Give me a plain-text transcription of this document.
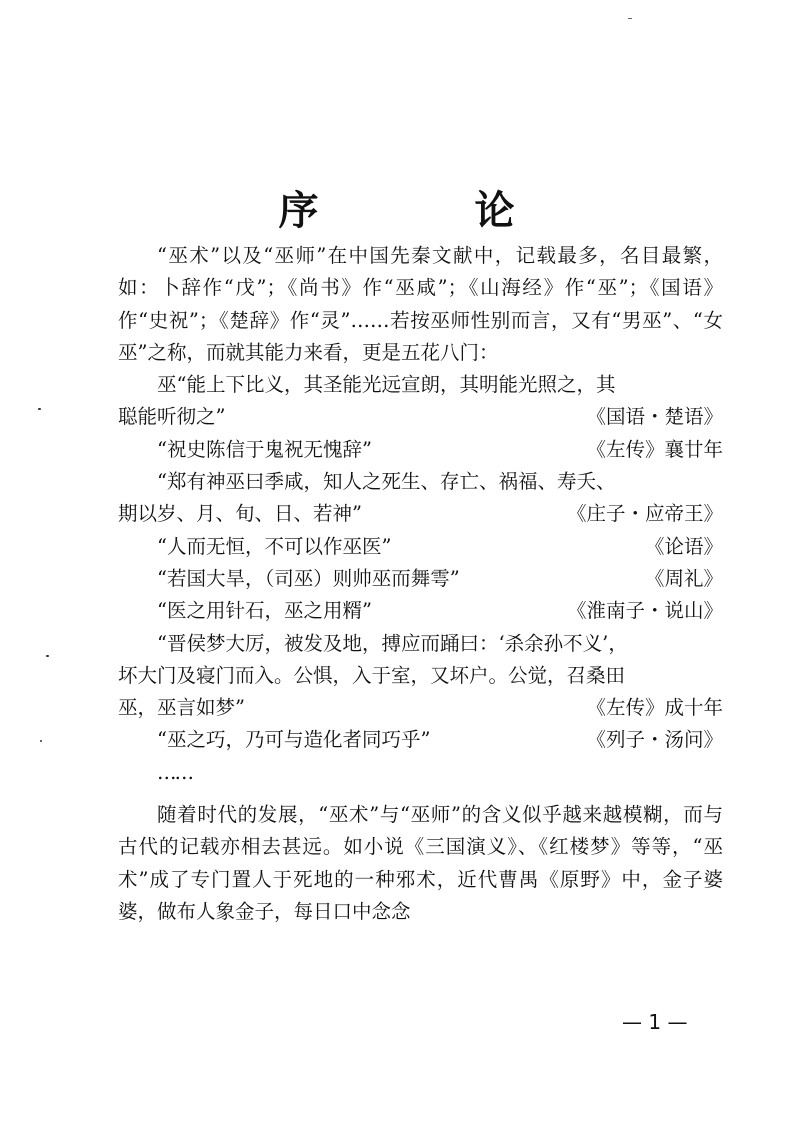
序　论

“巫术”以及“巫师”在中国先秦文献中，记载最多，名目最繁，如：卜辞作“戊”；《尚书》作“巫咸”；《山海经》作“巫”；《国语》作“史祝”；《楚辞》作“灵”……若按巫师性别而言，又有“男巫”、“女巫”之称，而就其能力来看，更是五花八门：

巫“能上下比义，其圣能光远宣朗，其明能光照之，其
聪能听彻之”	《国语・楚语》
“祝史陈信于鬼祝无愧辞”	《左传》襄廿年
“郑有神巫曰季咸，知人之死生、存亡、祸福、寿夭、
期以岁、月、旬、日、若神”	《庄子・应帝王》
“人而无恒，不可以作巫医”	《论语》
“若国大旱，（司巫）则帅巫而舞雩”	《周礼》
“医之用针石，巫之用糈”	《淮南子・说山》
“晋侯梦大厉，被发及地，搏应而踊曰：‘杀余孙不义’，
坏大门及寝门而入。公惧，入于室，又坏户。公觉，召桑田
巫，巫言如梦”	《左传》成十年
“巫之巧，乃可与造化者同巧乎”	《列子・汤问》

……

随着时代的发展，“巫术”与“巫师”的含义似乎越来越模糊，而与古代的记载亦相去甚远。如小说《三国演义》、《红楼梦》等等，“巫术”成了专门置人于死地的一种邪术，近代曹禺《原野》中，金子婆婆，做布人象金子，每日口中念念

— 1 —
